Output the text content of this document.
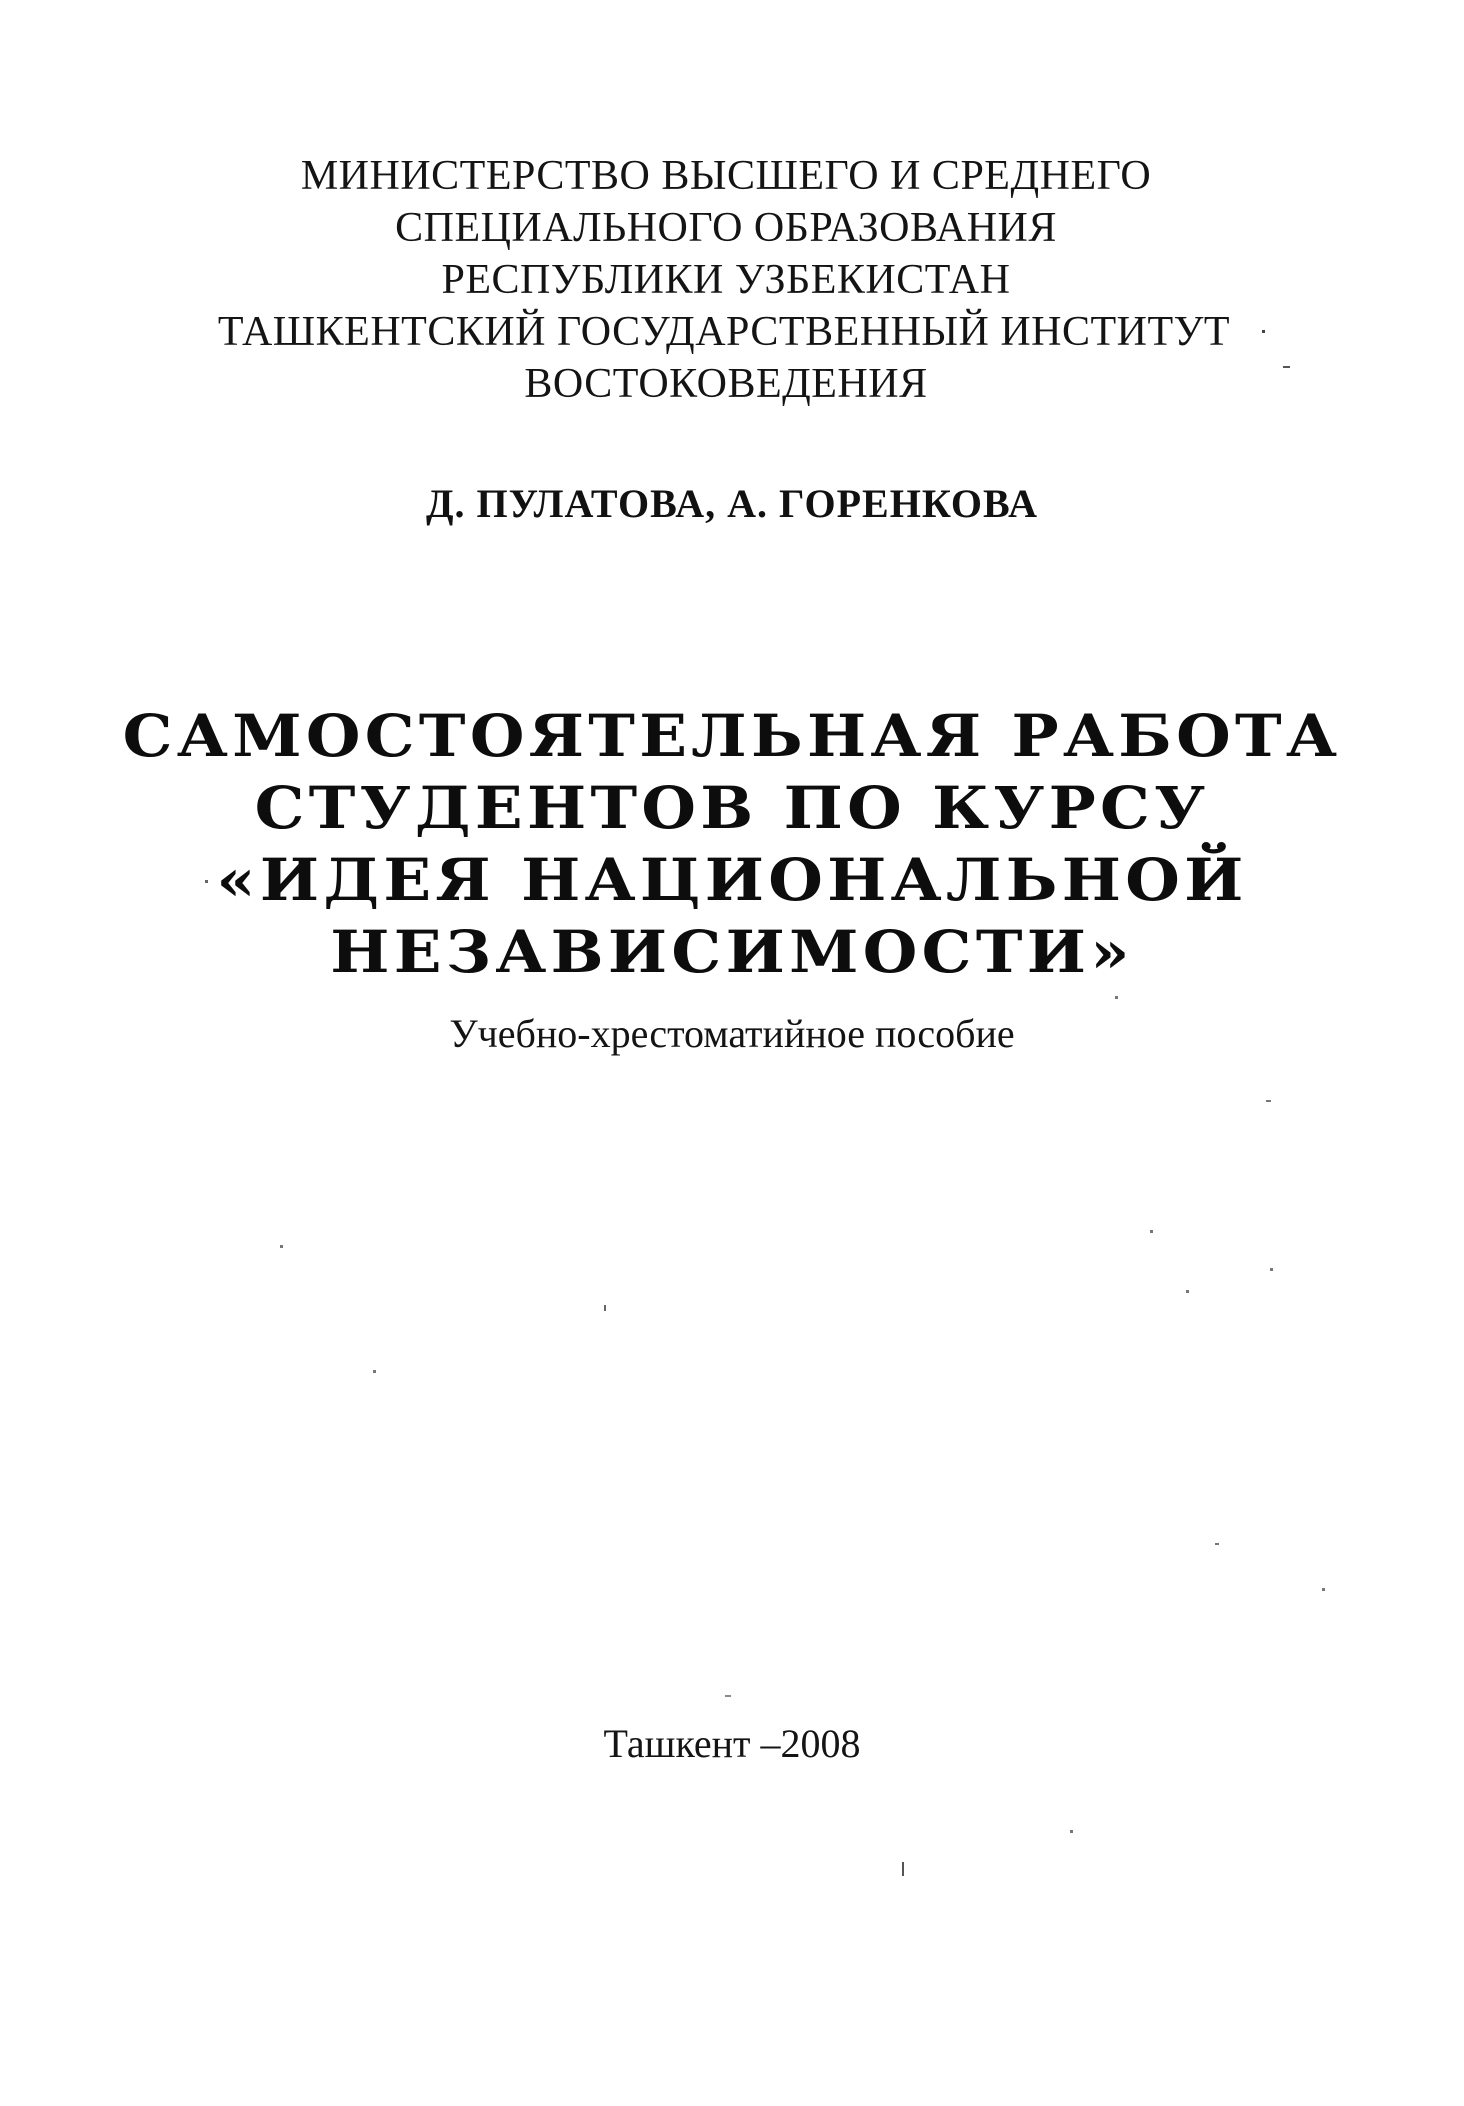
МИНИСТЕРСТВО ВЫСШЕГО И СРЕДНЕГО
СПЕЦИАЛЬНОГО ОБРАЗОВАНИЯ
РЕСПУБЛИКИ УЗБЕКИСТАН
ТАШКЕНТСКИЙ ГОСУДАРСТВЕННЫЙ ИНСТИТУТ
ВОСТОКОВЕДЕНИЯ
Д. ПУЛАТОВА, А. ГОРЕНКОВА
САМОСТОЯТЕЛЬНАЯ РАБОТА
СТУДЕНТОВ ПО КУРСУ
«ИДЕЯ НАЦИОНАЛЬНОЙ
НЕЗАВИСИМОСТИ»
Учебно-хрестоматийное пособие
Ташкент –2008
